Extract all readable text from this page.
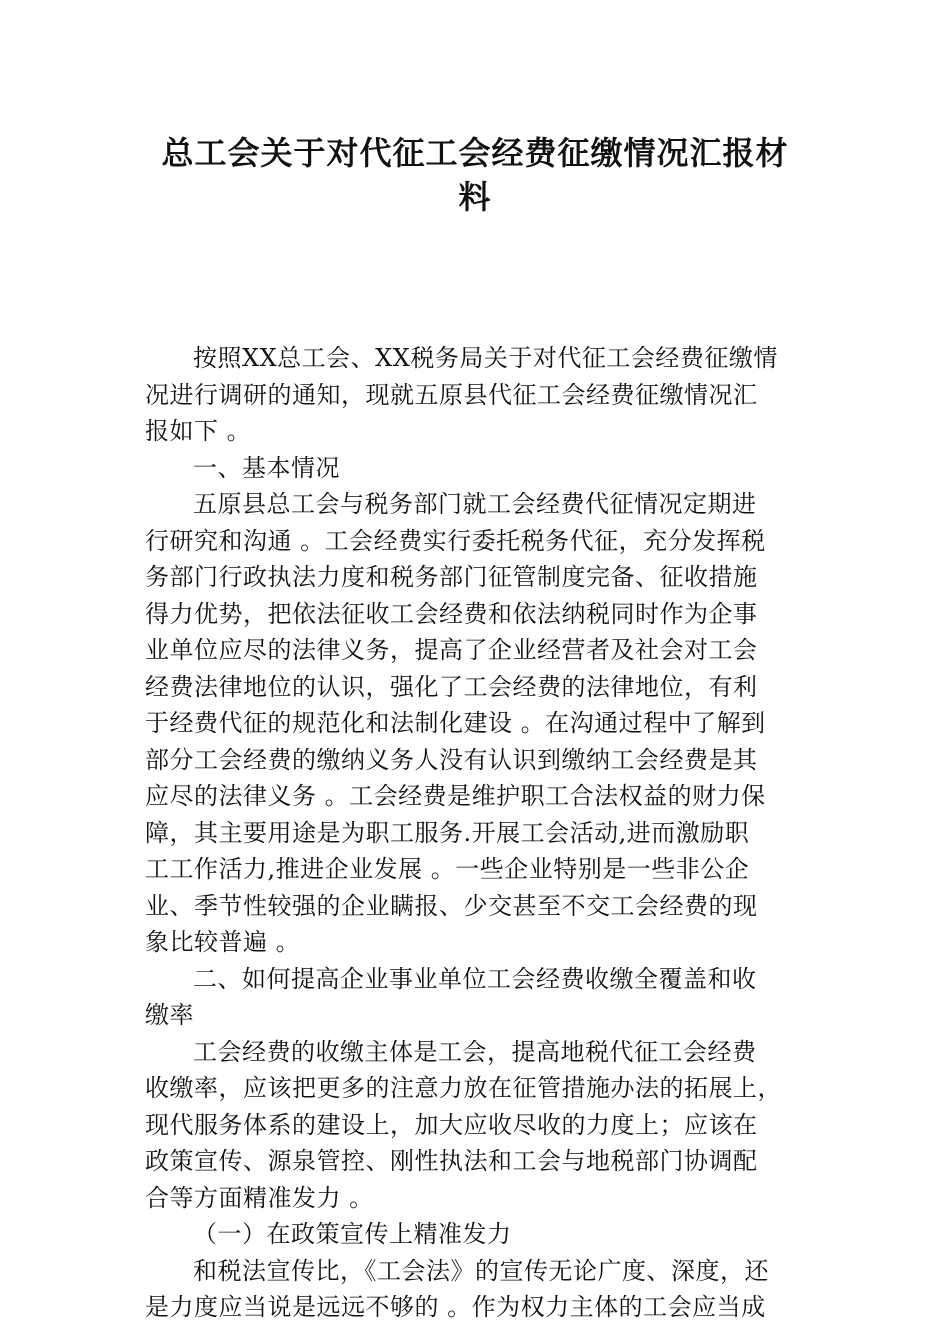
总工会关于对代征工会经费征缴情况汇报材
料

按照XX总工会、XX税务局关于对代征工会经费征缴情
况进行调研的通知，现就五原县代征工会经费征缴情况汇
报如下 。

一、基本情况

五原县总工会与税务部门就工会经费代征情况定期进
行研究和沟通 。工会经费实行委托税务代征，充分发挥税
务部门行政执法力度和税务部门征管制度完备、征收措施
得力优势，把依法征收工会经费和依法纳税同时作为企事
业单位应尽的法律义务，提高了企业经营者及社会对工会
经费法律地位的认识，强化了工会经费的法律地位，有利
于经费代征的规范化和法制化建设 。在沟通过程中了解到
部分工会经费的缴纳义务人没有认识到缴纳工会经费是其
应尽的法律义务 。工会经费是维护职工合法权益的财力保
障，其主要用途是为职工服务.开展工会活动,进而激励职
工工作活力,推进企业发展 。一些企业特别是一些非公企
业、季节性较强的企业瞒报、少交甚至不交工会经费的现
象比较普遍 。

二、如何提高企业事业单位工会经费收缴全覆盖和收
缴率

工会经费的收缴主体是工会，提高地税代征工会经费
收缴率，应该把更多的注意力放在征管措施办法的拓展上，
现代服务体系的建设上，加大应收尽收的力度上；应该在
政策宣传、源泉管控、刚性执法和工会与地税部门协调配
合等方面精准发力 。

（一）在政策宣传上精准发力

和税法宣传比，《工会法》的宣传无论广度、深度，还
是力度应当说是远远不够的 。作为权力主体的工会应当成
